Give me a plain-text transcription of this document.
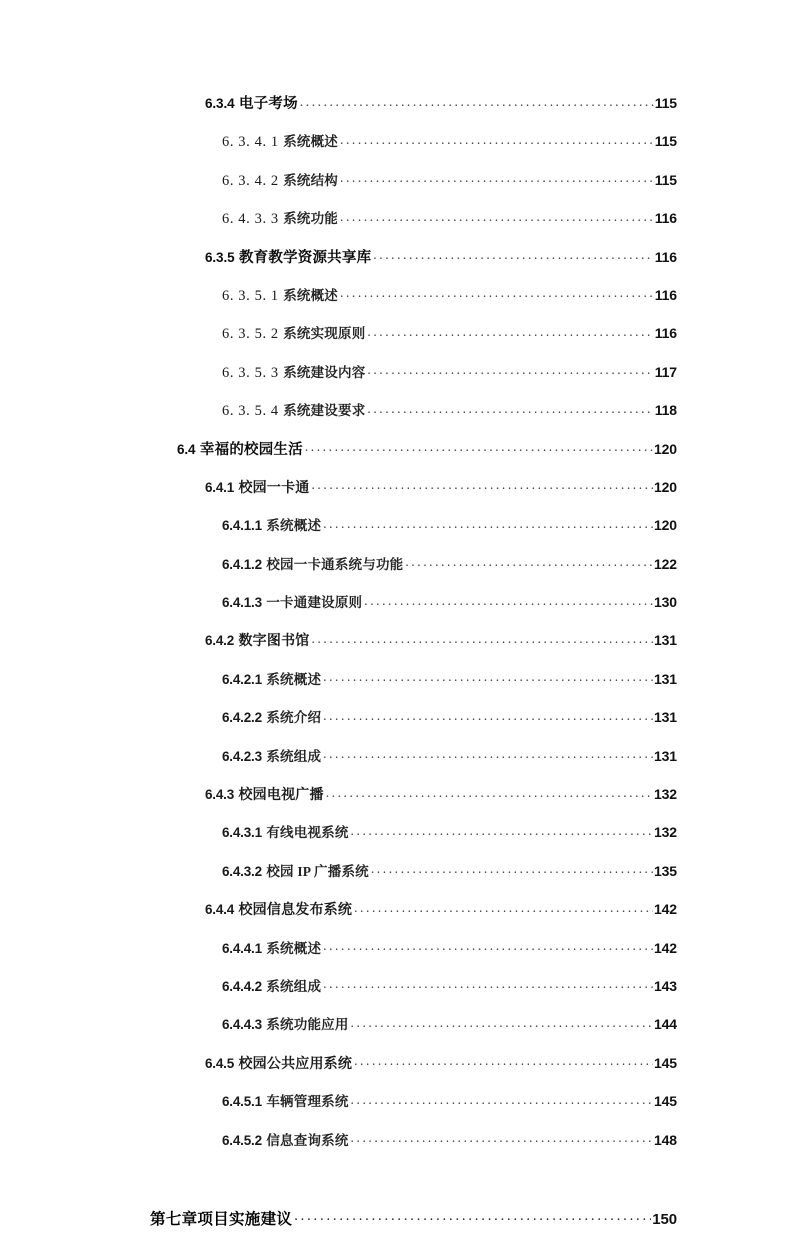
6.3.4 电子考场 . . .	115
6. 3. 4. 1 系统概述 . . .	115
6. 3. 4. 2 系统结构 . . .	115
6. 4. 3. 3 系统功能 . . .	116
6.3.5 教育教学资源共享库 . . .	116
6. 3. 5. 1 系统概述 . . .	116
6. 3. 5. 2 系统实现原则 . . .	116
6. 3. 5. 3 系统建设内容 . . .	117
6. 3. 5. 4 系统建设要求 . . .	118
6.4 幸福的校园生活 . . .	120
6.4.1 校园一卡通 . . .	120
6.4.1.1 系统概述 . . .	120
6.4.1.2 校园一卡通系统与功能 . . .	122
6.4.1.3 一卡通建设原则 . . .	130
6.4.2 数字图书馆 . . .	131
6.4.2.1 系统概述 . . .	131
6.4.2.2 系统介绍 . . .	131
6.4.2.3 系统组成 . . .	131
6.4.3 校园电视广播 . . .	132
6.4.3.1 有线电视系统 . . .	132
6.4.3.2 校园 IP 广播系统 . . .	135
6.4.4 校园信息发布系统 . . .	142
6.4.4.1 系统概述 . . .	142
6.4.4.2 系统组成 . . .	143
6.4.4.3 系统功能应用 . . .	144
6.4.5 校园公共应用系统 . . .	145
6.4.5.1 车辆管理系统 . . .	145
6.4.5.2 信息查询系统 . . .	148
第七章项目实施建议 . . .	150
